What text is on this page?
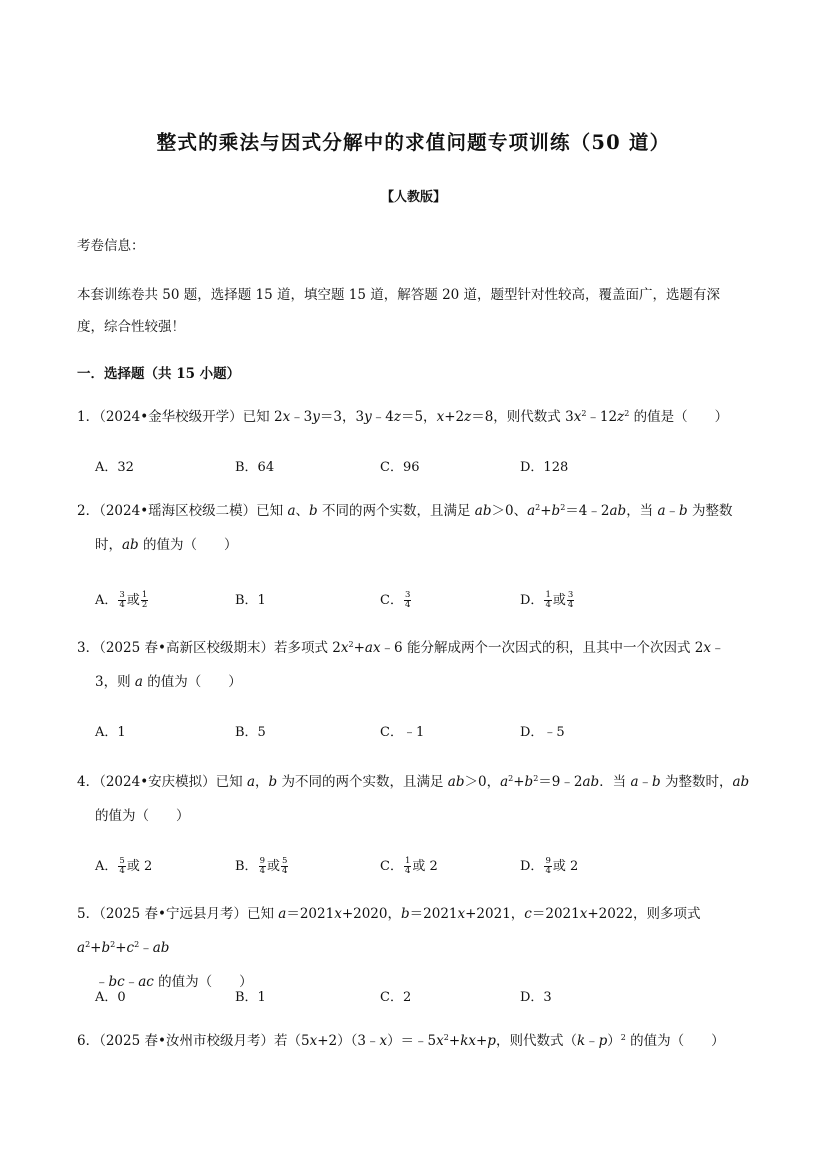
整式的乘法与因式分解中的求值问题专项训练（50 道）
【人教版】
考卷信息：
本套训练卷共 50 题，选择题 15 道，填空题 15 道，解答题 20 道，题型针对性较高，覆盖面广，选题有深
度，综合性较强！
一．选择题（共 15 小题）
1．（2024•金华校级开学）已知 2x﹣3y＝3，3y﹣4z＝5，x+2z＝8，则代数式 $3x^2﹣12z^2$ 的值是（　　）
A．32	B．64	C．96	D．128
2．（2024•瑶海区校级二模）已知 a、b 不同的两个实数，且满足 ab＞0、$a^2+b^2=4﹣2ab$，当 a﹣b 为整数
时，ab 的值为（　　）
A． $\frac{3}{4}$ 或 $\frac{1}{2}$	B．1	C． $\frac{3}{4}$	D． $\frac{1}{4}$ 或 $\frac{3}{4}$
3．（2025 春•高新区校级期末）若多项式 $2x^2+ax﹣6$ 能分解成两个一次因式的积，且其中一个次因式 2x﹣
3，则 a 的值为（　　）
A．1	B．5	C．﹣1	D．﹣5
4．（2024•安庆模拟）已知 a，b 为不同的两个实数，且满足 ab＞0，$a^2+b^2=9﹣2ab$．当 a﹣b 为整数时，ab
的值为（　　）
A． $\frac{5}{4}$ 或 2	B． $\frac{9}{4}$ 或 $\frac{5}{4}$	C． $\frac{1}{4}$ 或 2	D． $\frac{9}{4}$ 或 2
5．（2025 春•宁远县月考）已知 a＝2021x+2020，b＝2021x+2021，c＝2021x+2022，则多项式 $a^2+b^2+c^2﹣ab$
﹣bc﹣ac 的值为（　　）
A．0	B．1	C．2	D．3
6．（2025 春•汝州市校级月考）若$(5x+2)(3﹣x)=﹣5x^2+kx+p$，则代数式（k﹣p）$^2$ 的值为（　　）
